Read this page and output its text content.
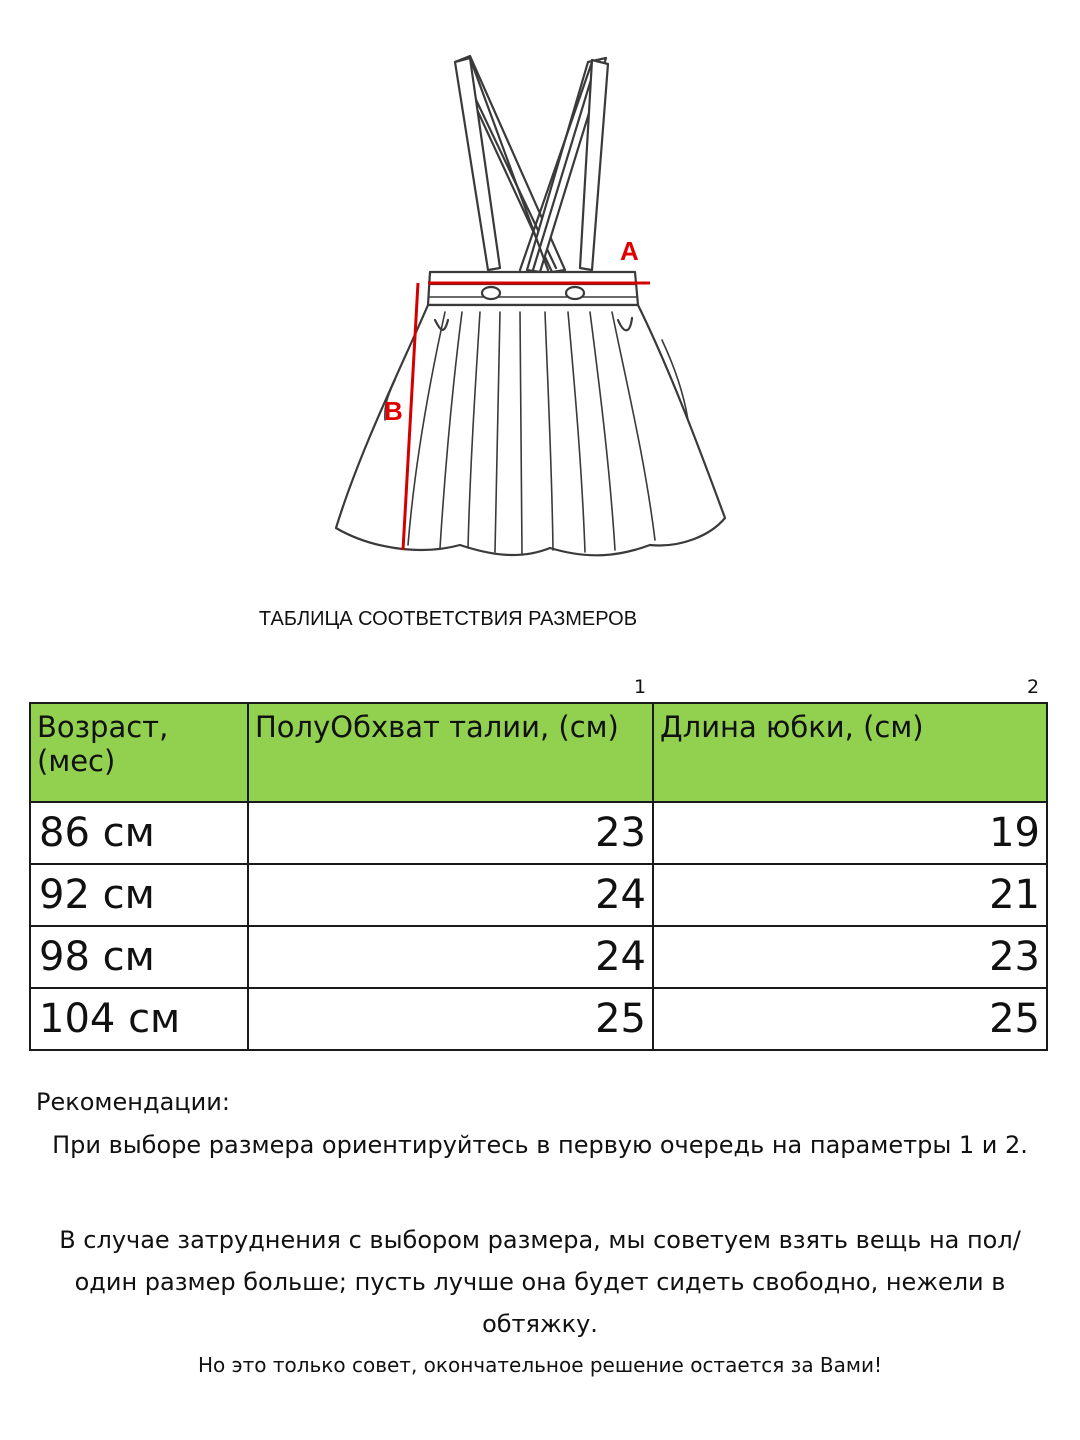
A
B
ТАБЛИЦА СООТВЕТСТВИЯ РАЗМЕРОВ
1	2
Возраст, (мес)	ПолуОбхват талии, (см)	Длина юбки, (см)
86 см	23	19
92 см	24	21
98 см	24	23
104 см	25	25
Рекомендации:
При выборе размера ориентируйтесь в первую очередь на параметры 1 и 2.
В случае затруднения с выбором размера, мы советуем взять вещь на пол/один размер больше; пусть лучше она будет сидеть свободно, нежели в обтяжку.
Но это только совет, окончательное решение остается за Вами!
